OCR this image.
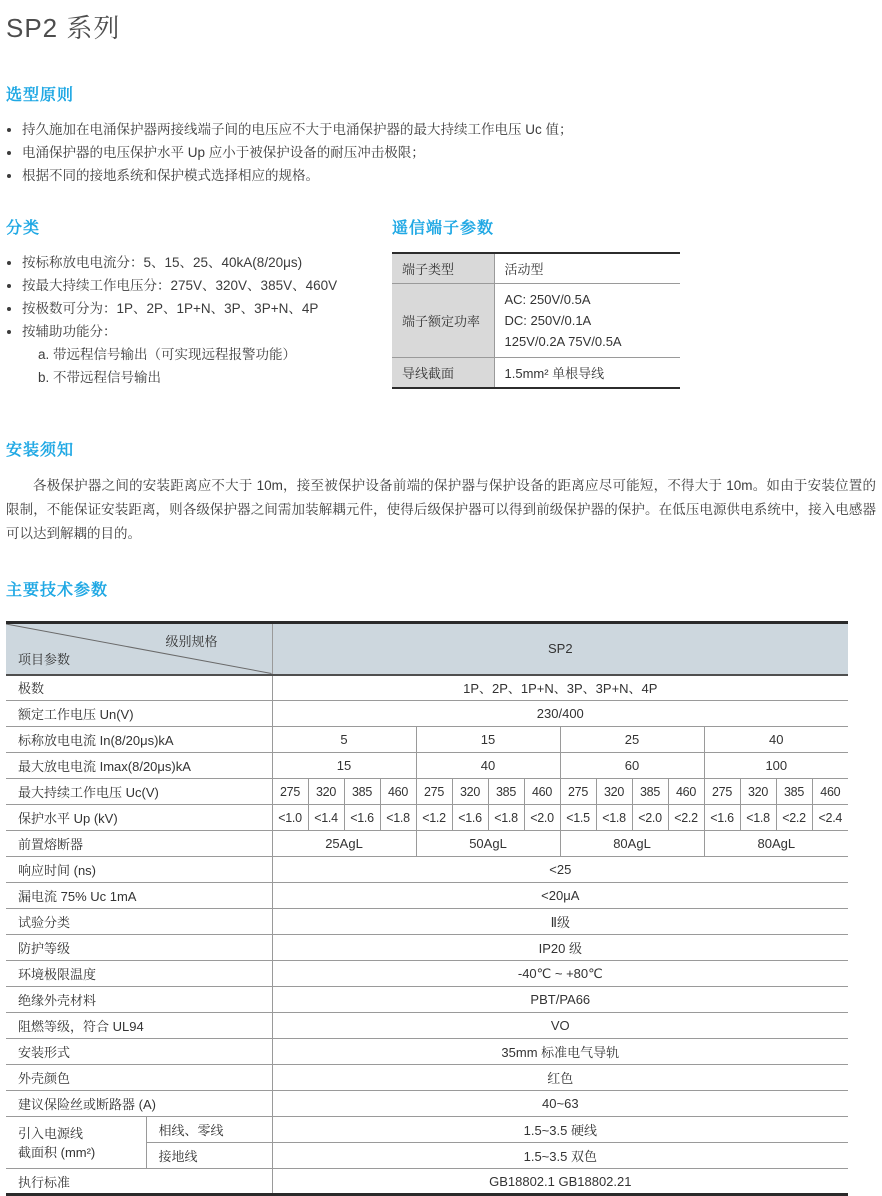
SP2 系列
选型原则
• 持久施加在电涌保护器两接线端子间的电压应不大于电涌保护器的最大持续工作电压 Uc 值；
• 电涌保护器的电压保护水平 Up 应小于被保护设备的耐压冲击极限；
• 根据不同的接地系统和保护模式选择相应的规格。
分类
• 按标称放电电流分：5、15、25、40kA(8/20μs)
• 按最大持续工作电压分：275V、320V、385V、460V
• 按极数可分为：1P、2P、1P+N、3P、3P+N、4P
• 按辅助功能分：
a. 带远程信号输出（可实现远程报警功能）
b. 不带远程信号输出
遥信端子参数
端子类型	活动型
端子额定功率	AC: 250V/0.5A
DC: 250V/0.1A
125V/0.2A 75V/0.5A

导线截面	1.5mm² 单根导线
安装须知

各极保护器之间的安装距离应不大于 10m，接至被保护设备前端的保护器与保护设备的距离应尽可能短，不得大于 10m。如由于安装位置的限制，不能保证安装距离，则各级保护器之间需加装解耦元件，使得后级保护器可以得到前级保护器的保护。在低压电源供电系统中，接入电感器可以达到解耦的目的。

主要技术参数
级别规格
项目参数		SP2															
极数		1P、2P、1P+N、3P、3P+N、4P															
额定工作电压 Un(V)		230/400															
标称放电电流 In(8/20μs)kA		5				15				25				40			
最大放电电流 Imax(8/20μs)kA		15				40				60				100			
最大持续工作电压 Uc(V)		275	320	385	460	275	320	385	460	275	320	385	460	275	320	385	460
保护水平 Up (kV)		<1.0	<1.4	<1.6	<1.8	<1.2	<1.6	<1.8	<2.0	<1.5	<1.8	<2.0	<2.2	<1.6	<1.8	<2.2	<2.4
前置熔断器		25AgL				50AgL				80AgL				80AgL			
响应时间 (ns)		<25															
漏电流 75% Uc 1mA		<20μA															
试验分类		Ⅱ级															
防护等级		IP20 级															
环境极限温度		-40℃ ~ +80℃															
绝缘外壳材料		PBT/PA66															
阻燃等级，符合 UL94		VO															
安装形式		35mm 标准电气导轨															
外壳颜色		红色															
建议保险丝或断路器 (A)		40~63															

引入电源线
截面积 (mm²)	相线、零线	1.5~3.5 硬线															
	接地线	1.5~3.5 双色															
执行标准		GB18802.1 GB18802.21															
